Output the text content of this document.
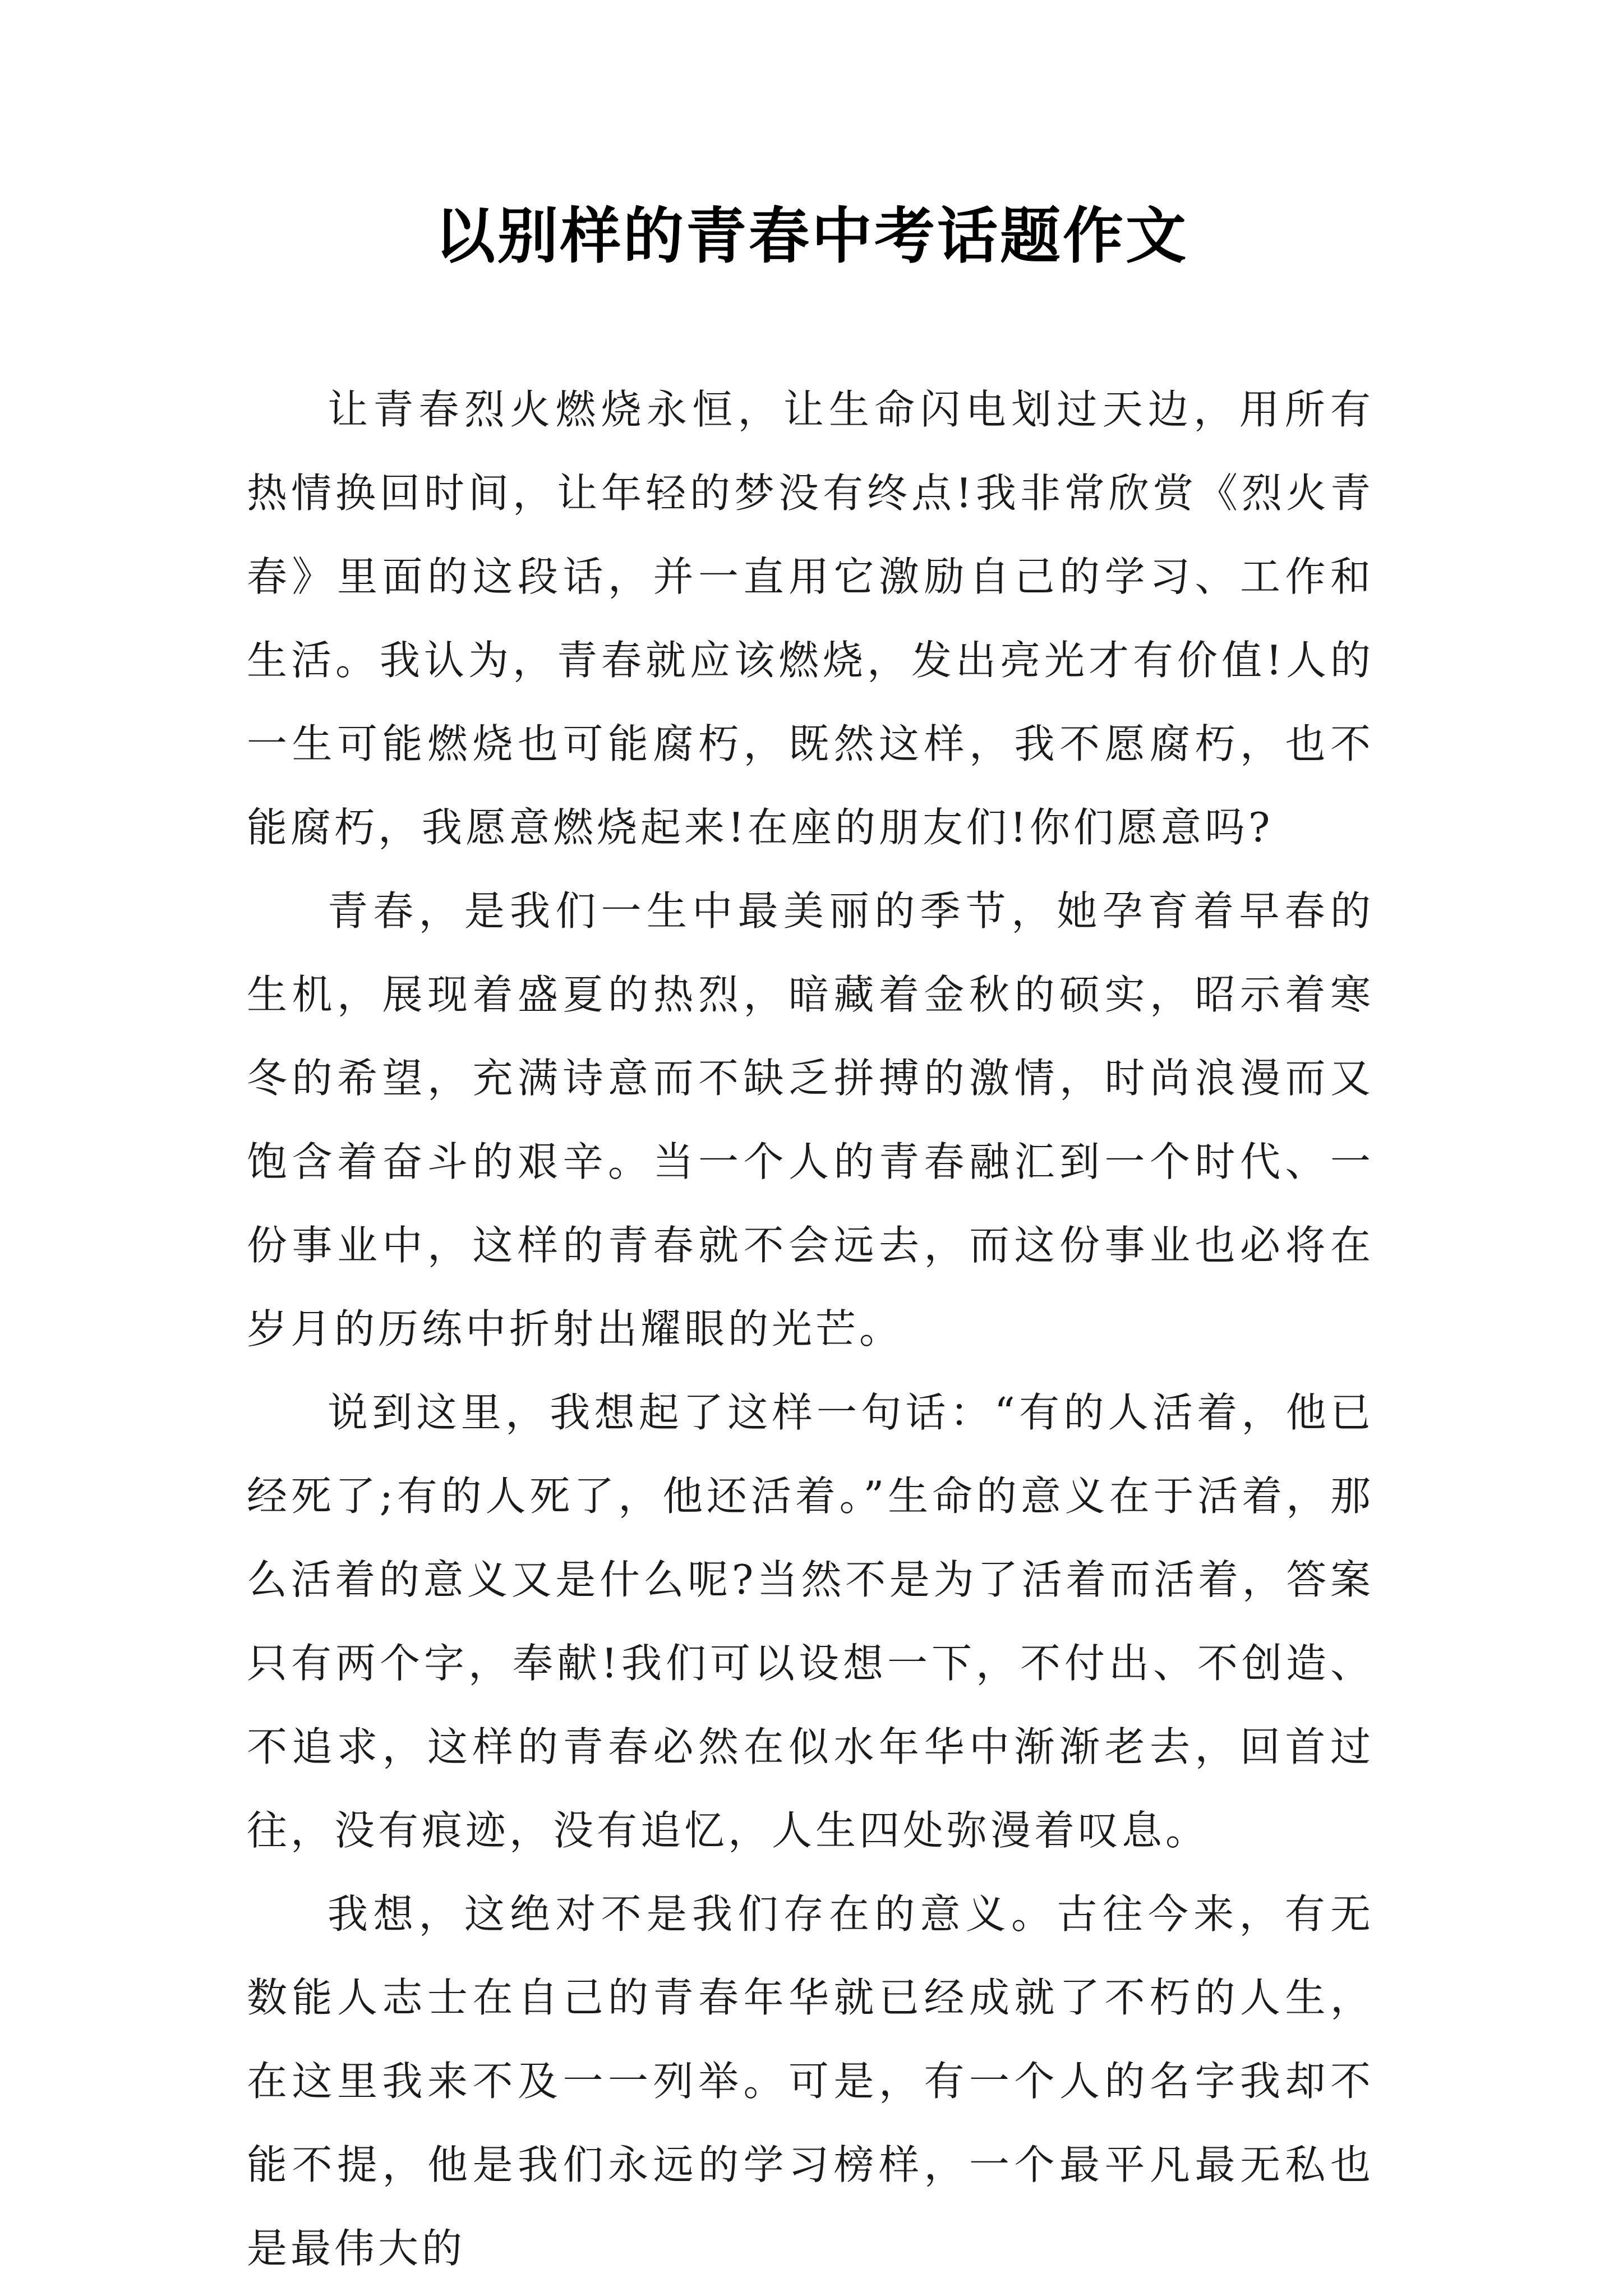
以别样的青春中考话题作文

让青春烈火燃烧永恒，让生命闪电划过天边，用所有热情换回时间，让年轻的梦没有终点!我非常欣赏《烈火青春》里面的这段话，并一直用它激励自己的学习、工作和生活。我认为，青春就应该燃烧，发出亮光才有价值!人的一生可能燃烧也可能腐朽，既然这样，我不愿腐朽，也不能腐朽，我愿意燃烧起来!在座的朋友们!你们愿意吗?

青春，是我们一生中最美丽的季节，她孕育着早春的生机，展现着盛夏的热烈，暗藏着金秋的硕实，昭示着寒冬的希望，充满诗意而不缺乏拼搏的激情，时尚浪漫而又饱含着奋斗的艰辛。当一个人的青春融汇到一个时代、一份事业中，这样的青春就不会远去，而这份事业也必将在岁月的历练中折射出耀眼的光芒。

说到这里，我想起了这样一句话：“有的人活着，他已经死了;有的人死了，他还活着。”生命的意义在于活着，那么活着的意义又是什么呢?当然不是为了活着而活着，答案只有两个字，奉献!我们可以设想一下，不付出、不创造、不追求，这样的青春必然在似水年华中渐渐老去，回首过往，没有痕迹，没有追忆，人生四处弥漫着叹息。

我想，这绝对不是我们存在的意义。古往今来，有无数能人志士在自己的青春年华就已经成就了不朽的人生，在这里我来不及一一列举。可是，有一个人的名字我却不能不提，他是我们永远的学习榜样，一个最平凡最无私也是最伟大的
